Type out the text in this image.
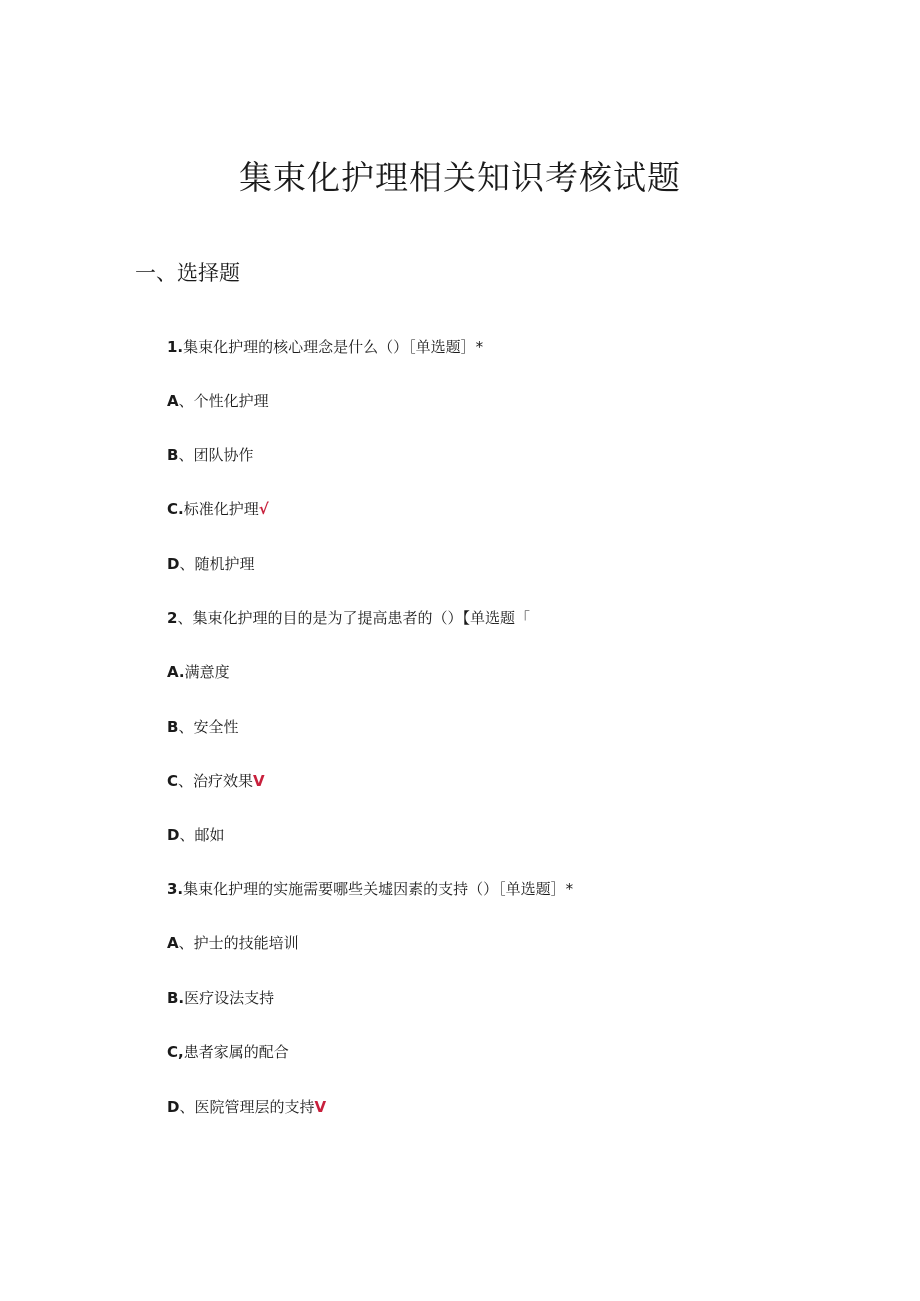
集束化护理相关知识考核试题
一、选择题
1.集束化护理的核心理念是什么（）［单选题］*
A、个性化护理
B、团队协作
C.标准化护理√
D、随机护理
2、集束化护理的目的是为了提高患者的（）【单选题「
A.满意度
B、安全性
C、治疗效果V
D、邮如
3.集束化护理的实施需要哪些关墟因素的支持（）［单选题］*
A、护士的技能培训
B.医疗设法支持
C,患者家属的配合
D、医院管理层的支持V
